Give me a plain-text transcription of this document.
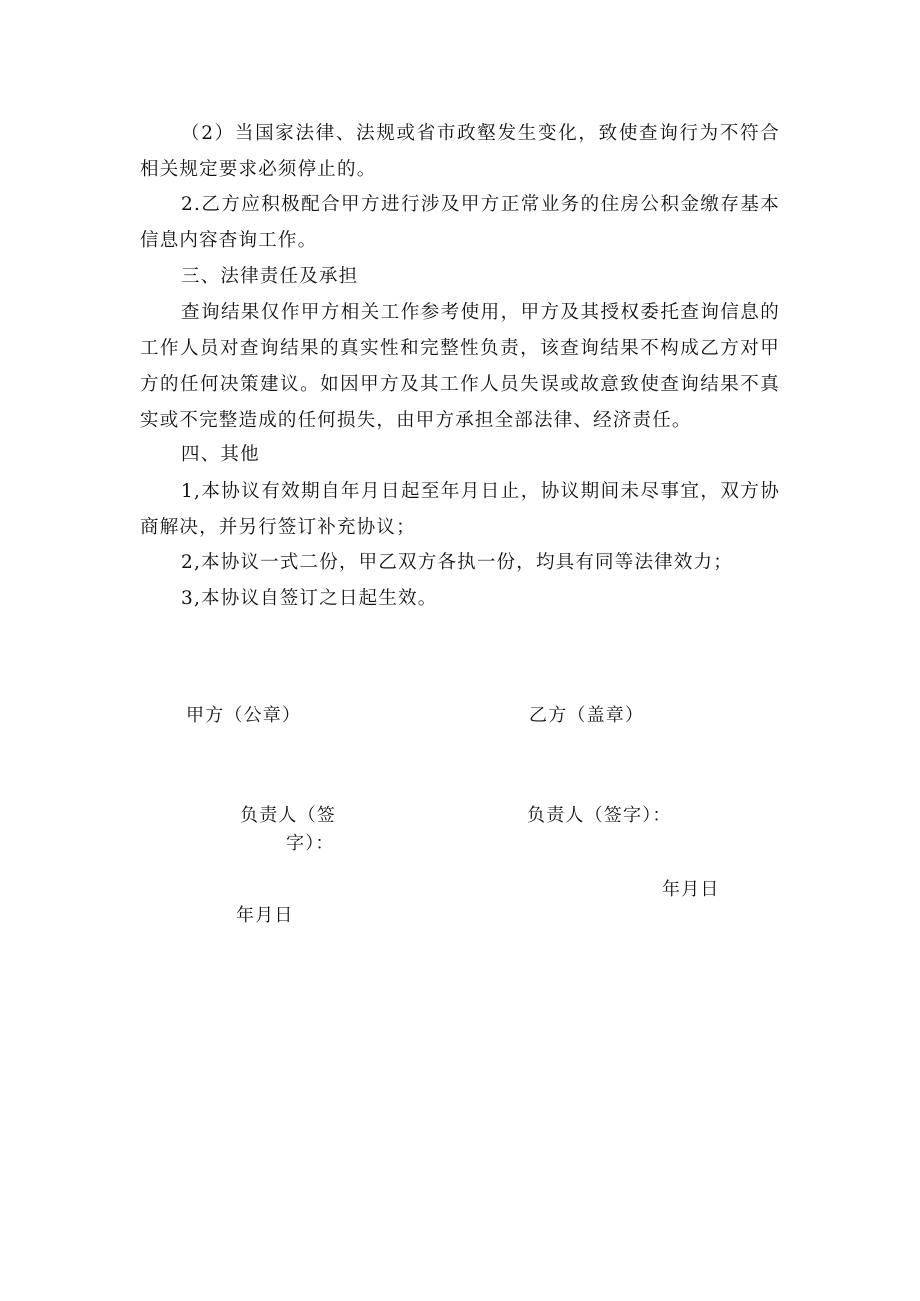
（2）当国家法律、法规或省市政壑发生变化，致使查询行为不符合相关规定要求必须停止的。

2.乙方应积极配合甲方进行涉及甲方正常业务的住房公积金缴存基本信息内容杳询工作。

三、法律责任及承担

查询结果仅作甲方相关工作参考使用，甲方及其授权委托查询信息的工作人员对查询结果的真实性和完整性负责，该查询结果不构成乙方对甲方的任何决策建议。如因甲方及其工作人员失误或故意致使查询结果不真实或不完整造成的任何损失，由甲方承担全部法律、经济责任。

四、其他

1,本协议有效期自年月日起至年月日止，协议期间未尽事宜，双方协商解决，并另行签订补充协议；

2,本协议一式二份，甲乙双方各执一份，均具有同等法律效力；

3,本协议自签订之日起生效。

甲方（公章）	乙方（盖章）

负责人（签

字）：

负责人（签字）：

年月日

年月日
